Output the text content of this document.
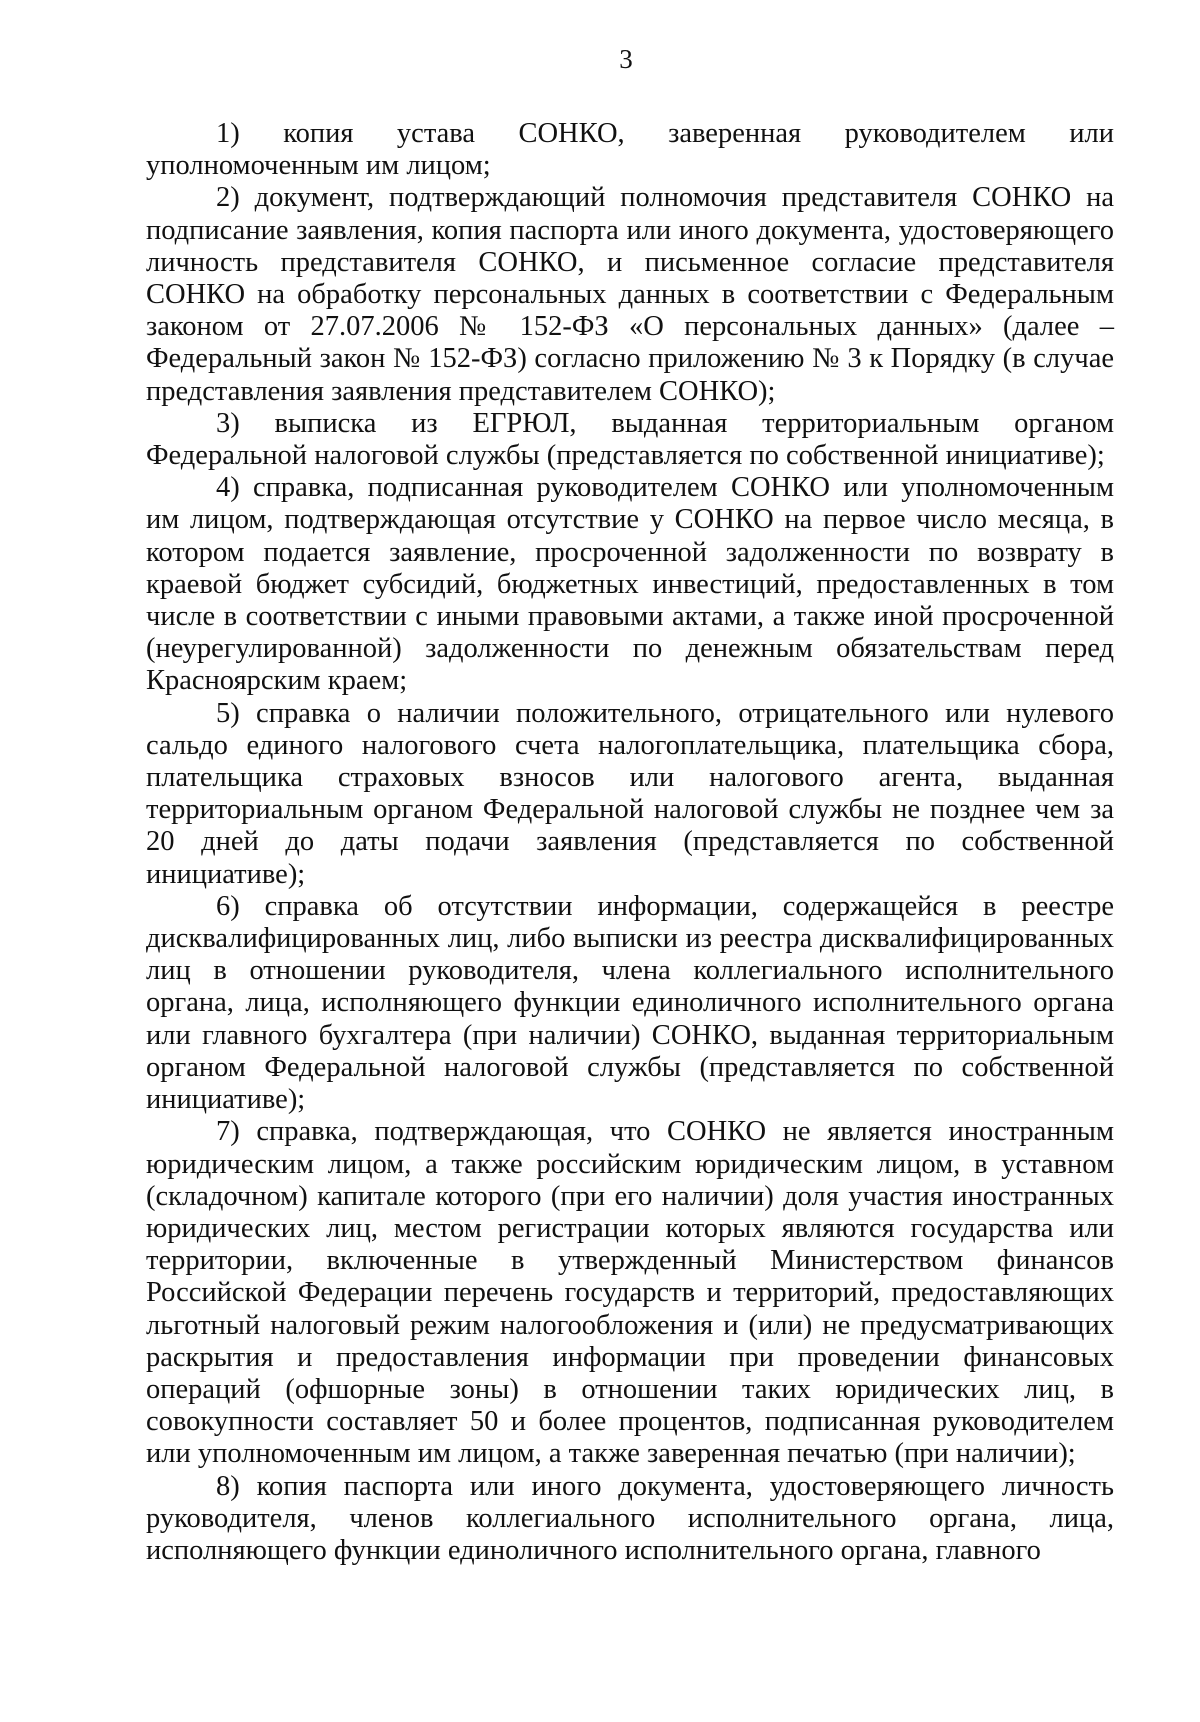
3

1) копия устава СОНКО, заверенная руководителем или уполномоченным им лицом;

2) документ, подтверждающий полномочия представителя СОНКО на подписание заявления, копия паспорта или иного документа, удостоверяющего личность представителя СОНКО, и письменное согласие представителя СОНКО на обработку персональных данных в соответствии с Федеральным законом от 27.07.2006 № 152-ФЗ «О персональных данных» (далее – Федеральный закон № 152-ФЗ) согласно приложению № 3 к Порядку (в случае представления заявления представителем СОНКО);

3) выписка из ЕГРЮЛ, выданная территориальным органом Федеральной налоговой службы (представляется по собственной инициативе);

4) справка, подписанная руководителем СОНКО или уполномоченным им лицом, подтверждающая отсутствие у СОНКО на первое число месяца, в котором подается заявление, просроченной задолженности по возврату в краевой бюджет субсидий, бюджетных инвестиций, предоставленных в том числе в соответствии с иными правовыми актами, а также иной просроченной (неурегулированной) задолженности по денежным обязательствам перед Красноярским краем;

5) справка о наличии положительного, отрицательного или нулевого сальдо единого налогового счета налогоплательщика, плательщика сбора, плательщика страховых взносов или налогового агента, выданная территориальным органом Федеральной налоговой службы не позднее чем за 20 дней до даты подачи заявления (представляется по собственной инициативе);

6) справка об отсутствии информации, содержащейся в реестре дисквалифицированных лиц, либо выписки из реестра дисквалифицированных лиц в отношении руководителя, члена коллегиального исполнительного органа, лица, исполняющего функции единоличного исполнительного органа или главного бухгалтера (при наличии) СОНКО, выданная территориальным органом Федеральной налоговой службы (представляется по собственной инициативе);

7) справка, подтверждающая, что СОНКО не является иностранным юридическим лицом, а также российским юридическим лицом, в уставном (складочном) капитале которого (при его наличии) доля участия иностранных юридических лиц, местом регистрации которых являются государства или территории, включенные в утвержденный Министерством финансов Российской Федерации перечень государств и территорий, предоставляющих льготный налоговый режим налогообложения и (или) не предусматривающих раскрытия и предоставления информации при проведении финансовых операций (офшорные зоны) в отношении таких юридических лиц, в совокупности составляет 50 и более процентов, подписанная руководителем или уполномоченным им лицом, а также заверенная печатью (при наличии);

8) копия паспорта или иного документа, удостоверяющего личность руководителя, членов коллегиального исполнительного органа, лица, исполняющего функции единоличного исполнительного органа, главного
